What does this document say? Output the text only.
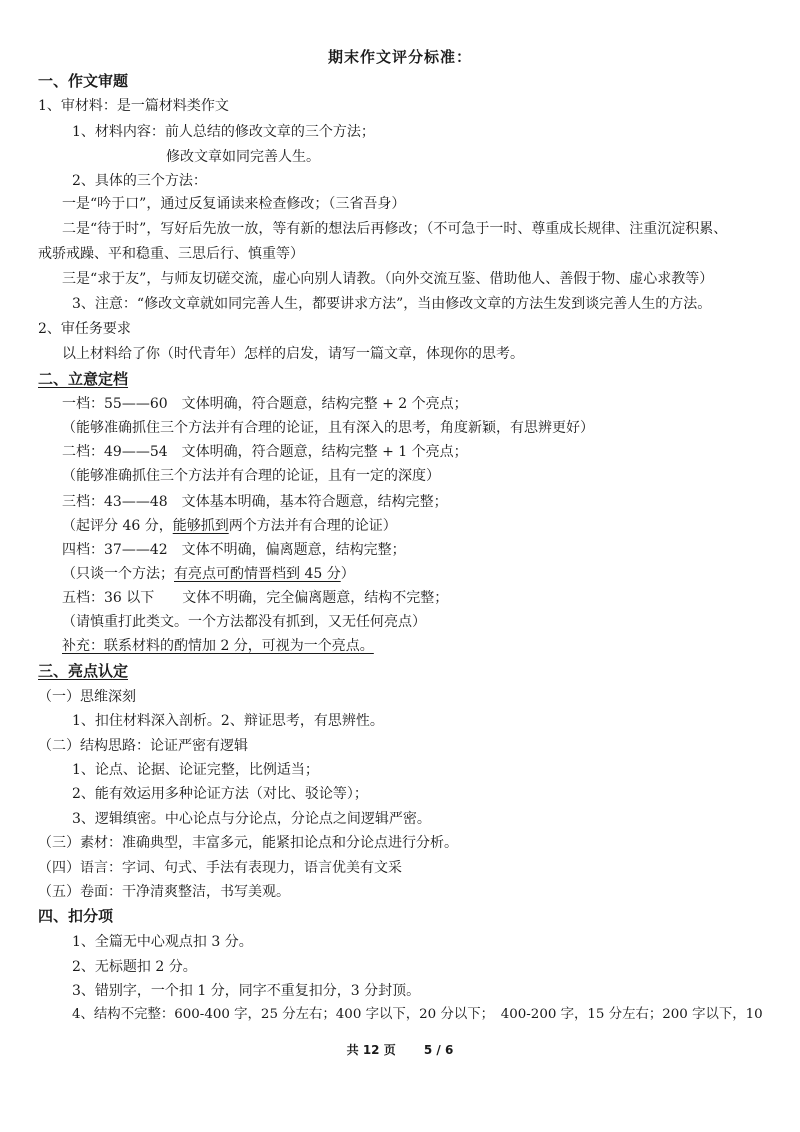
期末作文评分标准：
一、作文审题
1、审材料：是一篇材料类作文
1、材料内容：前人总结的修改文章的三个方法；
修改文章如同完善人生。
2、具体的三个方法：
一是“吟于口”，通过反复诵读来检查修改；（三省吾身）
二是“待于时”，写好后先放一放，等有新的想法后再修改；（不可急于一时、尊重成长规律、注重沉淀积累、
戒骄戒躁、平和稳重、三思后行、慎重等）
三是“求于友”，与师友切磋交流，虚心向别人请教。（向外交流互鉴、借助他人、善假于物、虚心求教等）
3、注意：“修改文章就如同完善人生，都要讲求方法”，当由修改文章的方法生发到谈完善人生的方法。
2、审任务要求
以上材料给了你（时代青年）怎样的启发，请写一篇文章，体现你的思考。
二、立意定档
一档：55——60　文体明确，符合题意，结构完整 + 2 个亮点；
（能够准确抓住三个方法并有合理的论证，且有深入的思考，角度新颖，有思辨更好）
二档：49——54　文体明确，符合题意，结构完整 + 1 个亮点；
（能够准确抓住三个方法并有合理的论证，且有一定的深度）
三档：43——48　文体基本明确，基本符合题意，结构完整；
（起评分 46 分，能够抓到两个方法并有合理的论证）
四档：37——42　文体不明确，偏离题意，结构完整；
（只谈一个方法；有亮点可酌情晋档到 45 分）
五档：36 以下　　文体不明确，完全偏离题意，结构不完整；
（请慎重打此类文。一个方法都没有抓到，又无任何亮点）
补充：联系材料的酌情加 2 分，可视为一个亮点。
三、亮点认定
（一）思维深刻
1、扣住材料深入剖析。2、辩证思考，有思辨性。
（二）结构思路：论证严密有逻辑
1、论点、论据、论证完整，比例适当；
2、能有效运用多种论证方法（对比、驳论等）；
3、逻辑缜密。中心论点与分论点，分论点之间逻辑严密。
（三）素材：准确典型，丰富多元，能紧扣论点和分论点进行分析。
（四）语言：字词、句式、手法有表现力，语言优美有文采
（五）卷面：干净清爽整洁，书写美观。
四、扣分项
1、全篇无中心观点扣 3 分。
2、无标题扣 2 分。
3、错别字，一个扣 1 分，同字不重复扣分，3 分封顶。
4、结构不完整：600-400 字，25 分左右；400 字以下，20 分以下；　400-200 字，15 分左右；200 字以下，10
共 12 页 5 / 6
